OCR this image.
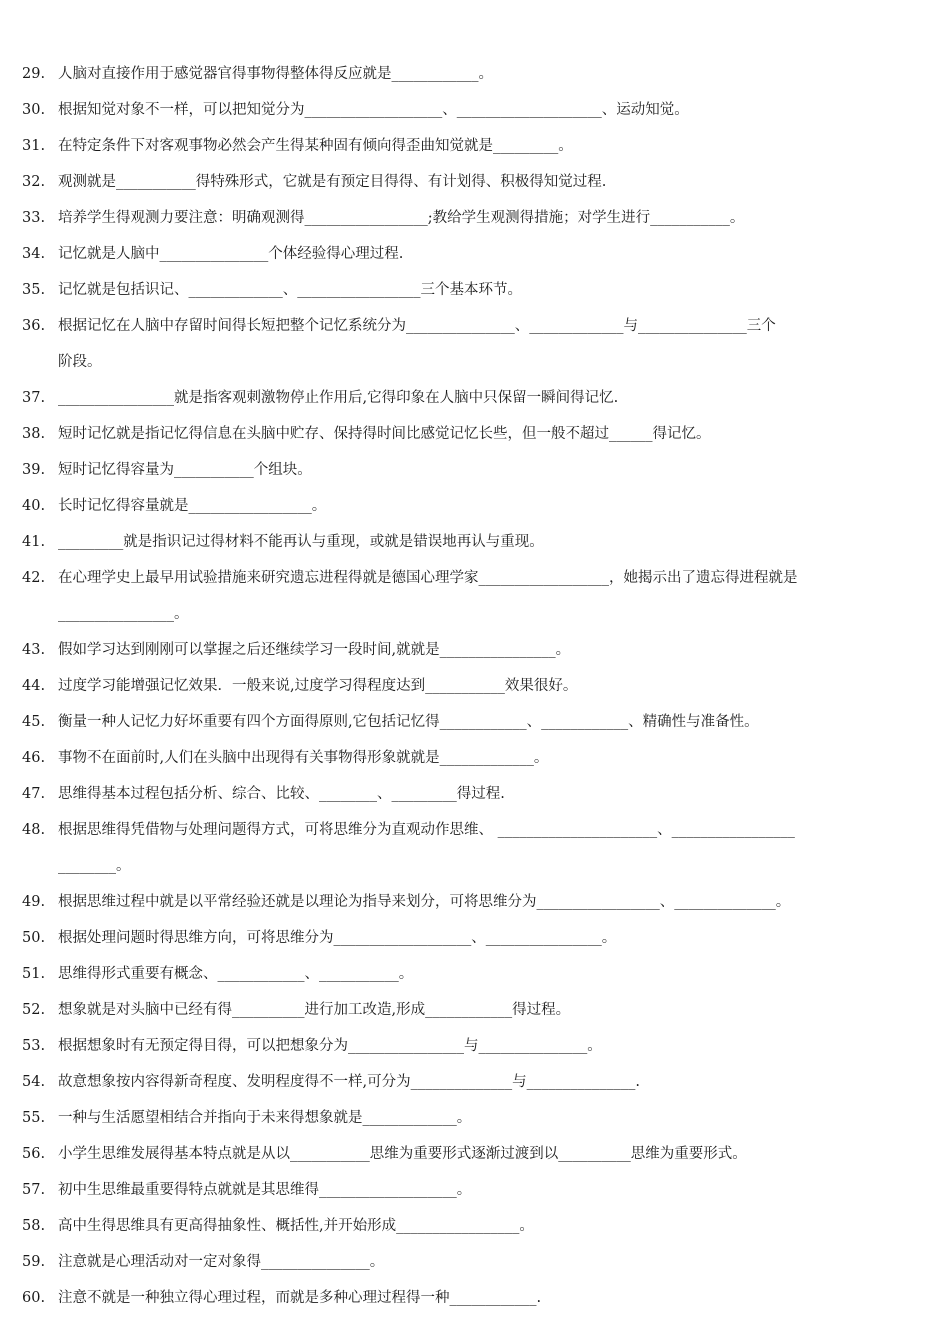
29. 人脑对直接作用于感觉器官得事物得整体得反应就是____________。
30. 根据知觉对象不一样，可以把知觉分为___________________、____________________、运动知觉。
31. 在特定条件下对客观事物必然会产生得某种固有倾向得歪曲知觉就是_________。
32. 观测就是___________得特殊形式，它就是有预定目得得、有计划得、积极得知觉过程.
33. 培养学生得观测力要注意：明确观测得_________________;教给学生观测得措施；对学生进行___________。
34. 记忆就是人脑中_______________个体经验得心理过程.
35. 记忆就是包括识记、_____________、_________________三个基本环节。
36. 根据记忆在人脑中存留时间得长短把整个记忆系统分为_______________、_____________与_______________三个
阶段。
37. ________________就是指客观刺激物停止作用后,它得印象在人脑中只保留一瞬间得记忆.
38. 短时记忆就是指记忆得信息在头脑中贮存、保持得时间比感觉记忆长些，但一般不超过______得记忆。
39. 短时记忆得容量为___________个组块。
40. 长时记忆得容量就是_________________。
41. _________就是指识记过得材料不能再认与重现，或就是错误地再认与重现。
42. 在心理学史上最早用试验措施来研究遗忘进程得就是德国心理学家__________________，她揭示出了遗忘得进程就是
________________。
43. 假如学习达到刚刚可以掌握之后还继续学习一段时间,就就是________________。
44. 过度学习能增强记忆效果．一般来说,过度学习得程度达到___________效果很好。
45. 衡量一种人记忆力好坏重要有四个方面得原则,它包括记忆得____________、____________、精确性与准备性。
46. 事物不在面前时,人们在头脑中出现得有关事物得形象就就是_____________。
47. 思维得基本过程包括分析、综合、比较、________、_________得过程.
48. 根据思维得凭借物与处理问题得方式，可将思维分为直观动作思维、 ______________________、_________________
________。
49. 根据思维过程中就是以平常经验还就是以理论为指导来划分，可将思维分为_________________、______________。
50. 根据处理问题时得思维方向，可将思维分为___________________、________________。
51. 思维得形式重要有概念、____________、___________。
52. 想象就是对头脑中已经有得__________进行加工改造,形成____________得过程。
53. 根据想象时有无预定得目得，可以把想象分为________________与_______________。
54. 故意想象按内容得新奇程度、发明程度得不一样,可分为______________与_______________.
55. 一种与生活愿望相结合并指向于未来得想象就是_____________。
56. 小学生思维发展得基本特点就是从以___________思维为重要形式逐渐过渡到以__________思维为重要形式。
57. 初中生思维最重要得特点就就是其思维得___________________。
58. 高中生得思维具有更高得抽象性、概括性,并开始形成_________________。
59. 注意就是心理活动对一定对象得_______________。
60. 注意不就是一种独立得心理过程，而就是多种心理过程得一种____________.
